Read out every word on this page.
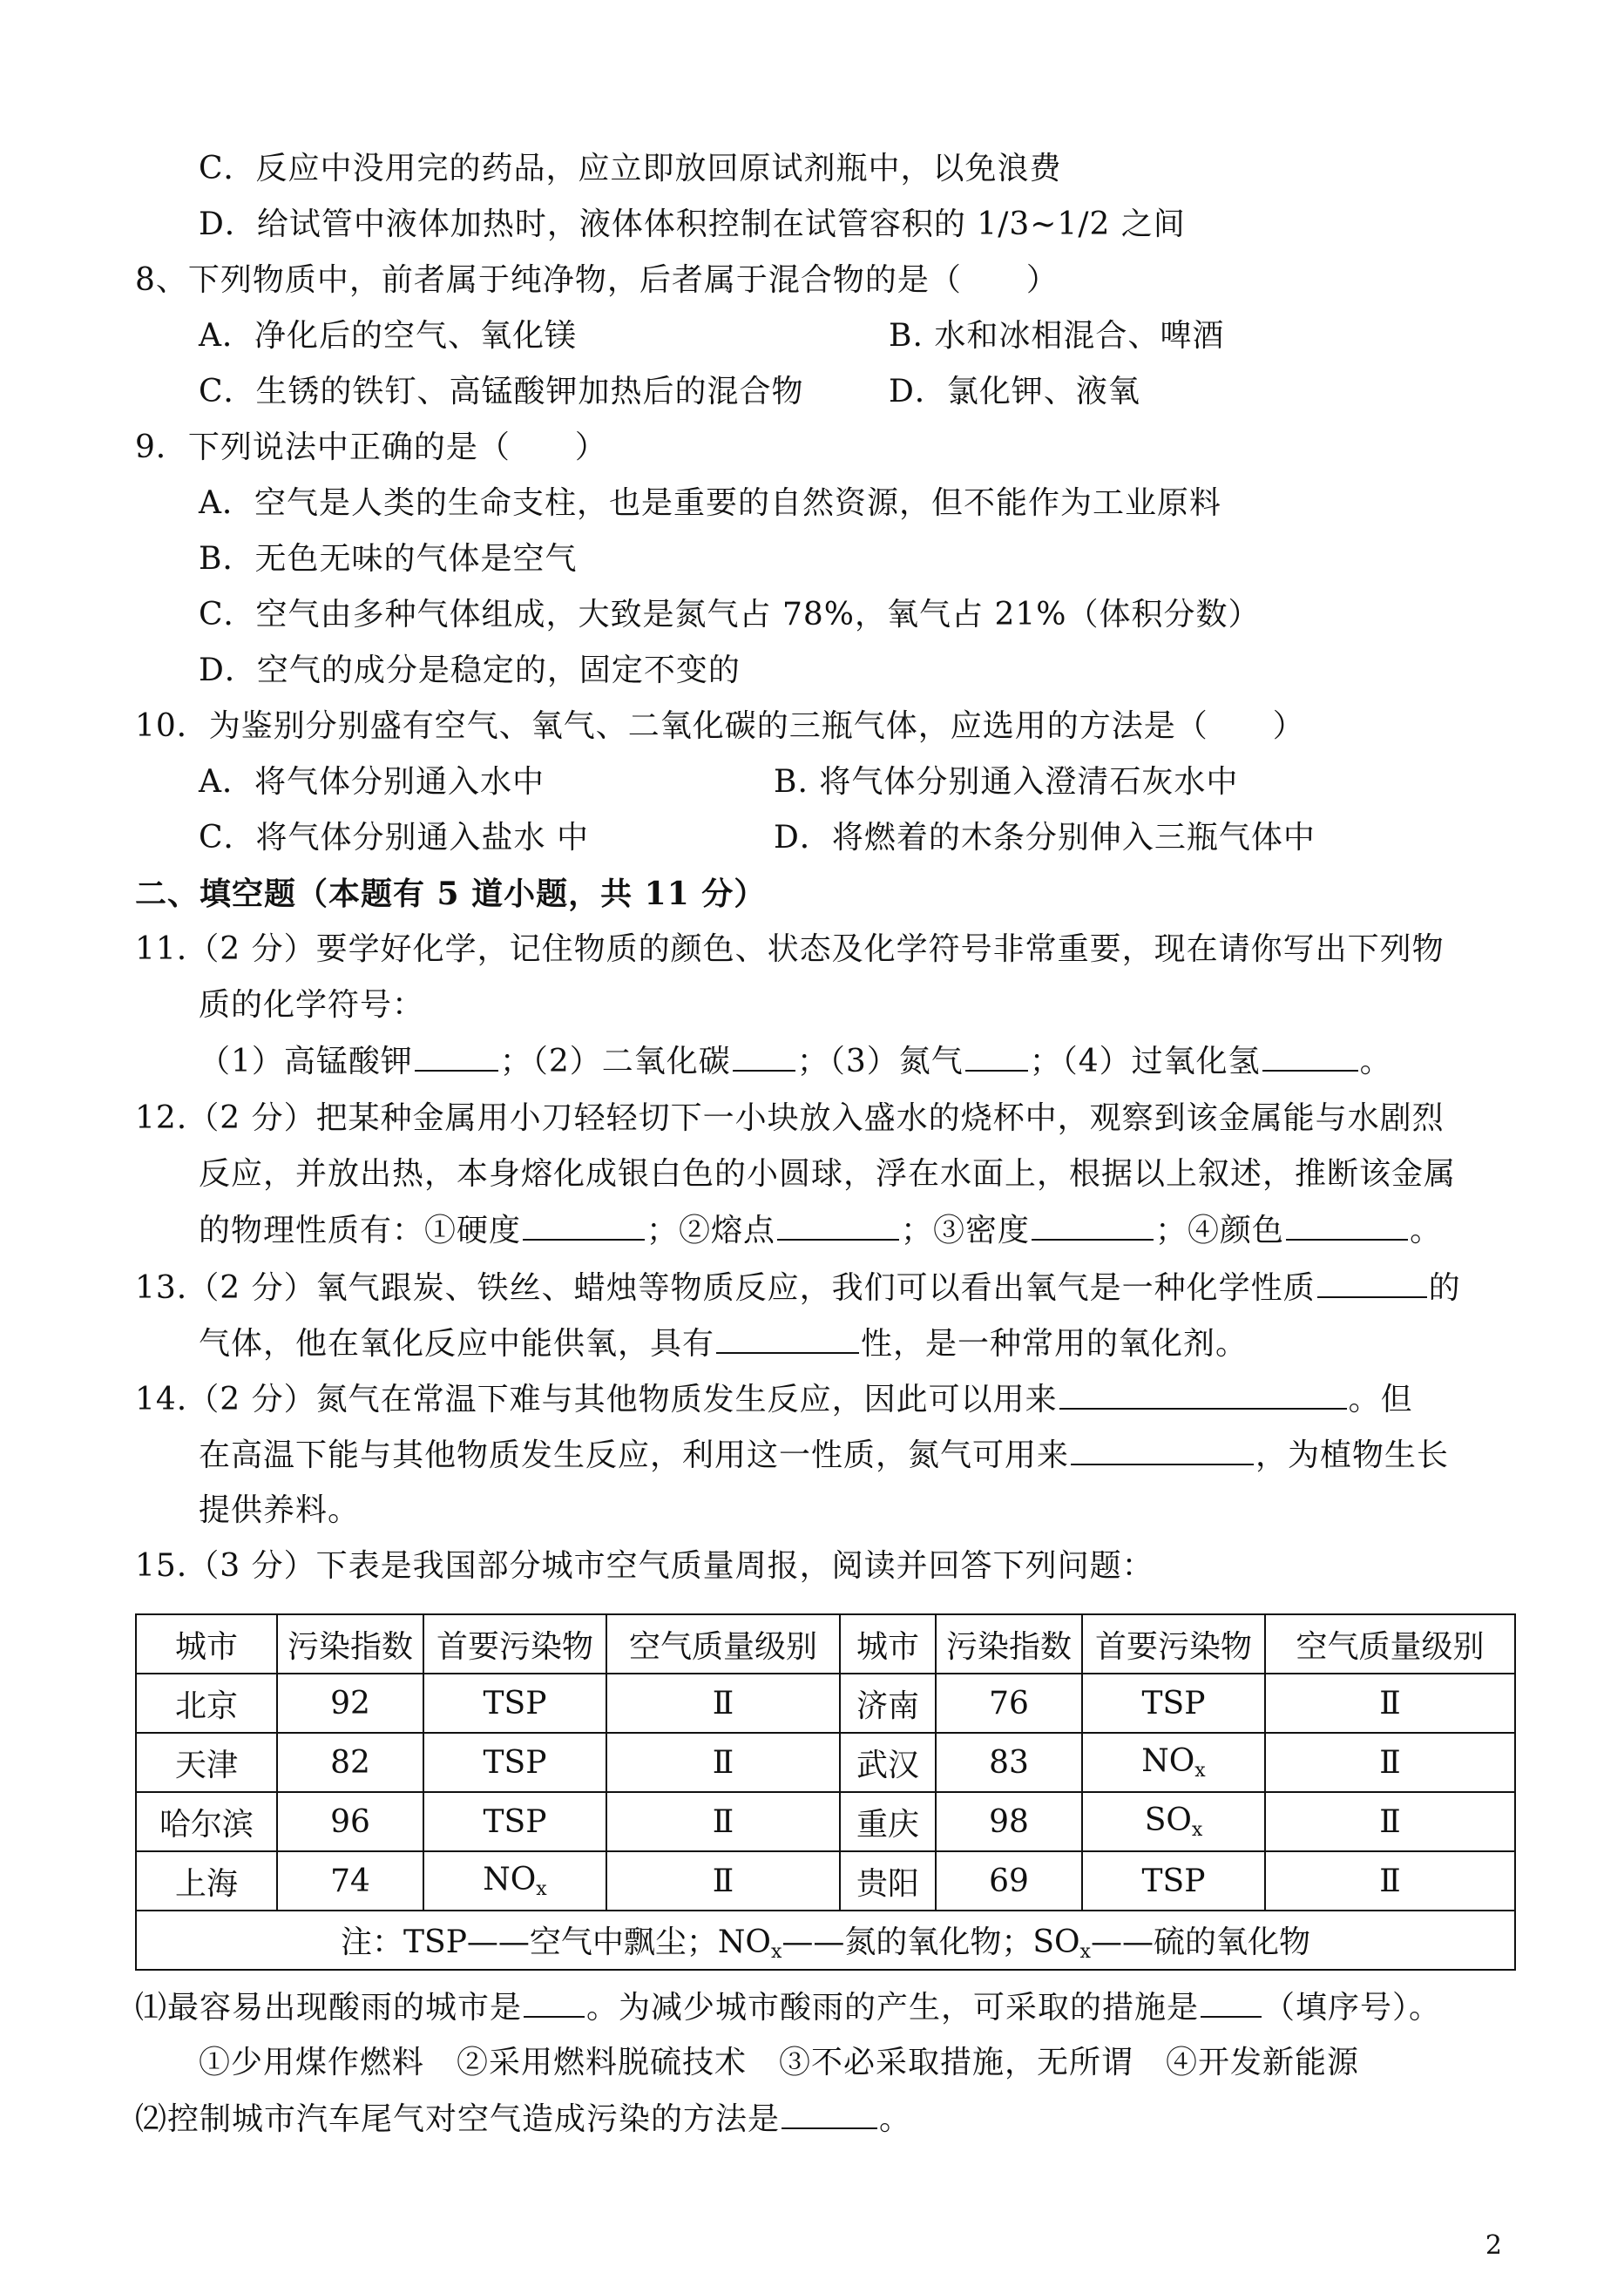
C．反应中没用完的药品，应立即放回原试剂瓶中，以免浪费
D．给试管中液体加热时，液体体积控制在试管容积的 1/3~1/2 之间
8、下列物质中，前者属于纯净物，后者属于混合物的是（　　）
A．净化后的空气、氧化镁	B. 水和冰相混合、啤酒
C．生锈的铁钉、高锰酸钾加热后的混合物	D．氯化钾、液氧
9．下列说法中正确的是（　　）
A．空气是人类的生命支柱，也是重要的自然资源，但不能作为工业原料
B．无色无味的气体是空气
C．空气由多种气体组成，大致是氮气占 78%，氧气占 21%（体积分数）
D．空气的成分是稳定的，固定不变的
10．为鉴别分别盛有空气、氧气、二氧化碳的三瓶气体，应选用的方法是（　　）
A．将气体分别通入水中	B. 将气体分别通入澄清石灰水中
C．将气体分别通入盐水 中	D．将燃着的木条分别伸入三瓶气体中
二、填空题（本题有 5 道小题，共 11 分）
11.（2 分）要学好化学，记住物质的颜色、状态及化学符号非常重要，现在请你写出下列物
质的化学符号：
（1）高锰酸钾	；（2）二氧化碳 ；（3）氮气 ；（4）过氧化氢	。
12.（2 分）把某种金属用小刀轻轻切下一小块放入盛水的烧杯中，观察到该金属能与水剧烈
反应，并放出热，本身熔化成银白色的小圆球，浮在水面上，根据以上叙述，推断该金属
的物理性质有：①硬度	；②熔点	；③密度	；④颜色	。
13.（2 分）氧气跟炭、铁丝、蜡烛等物质反应，我们可以看出氧气是一种化学性质	的
气体，他在氧化反应中能供氧，具有	性，是一种常用的氧化剂。
14.（2 分）氮气在常温下难与其他物质发生反应，因此可以用来	。但
在高温下能与其他物质发生反应，利用这一性质，氮气可用来	，为植物生长
提供养料。
15.（3 分）下表是我国部分城市空气质量周报，阅读并回答下列问题：
城市	污染指数	首要污染物	空气质量级别	城市	污染指数	首要污染物	空气质量级别
北京	92	TSP	Ⅱ	济南	76	TSP	Ⅱ
天津	82	TSP	Ⅱ	武汉	83	$NO_x$	Ⅱ
哈尔滨	96	TSP	Ⅱ	重庆	98	$SO_x$	Ⅱ
上海	74	$NO_x$	Ⅱ	贵阳	69	TSP	Ⅱ
注：TSP——空气中飘尘；$NO_x——$氮的氧化物；$SO_x——$硫的氧化物							
⑴最容易出现酸雨的城市是 。为减少城市酸雨的产生，可采取的措施是 （填序号）。
①少用煤作燃料　②采用燃料脱硫技术　③不必采取措施，无所谓　④开发新能源
⑵控制城市汽车尾气对空气造成污染的方法是	。
2
